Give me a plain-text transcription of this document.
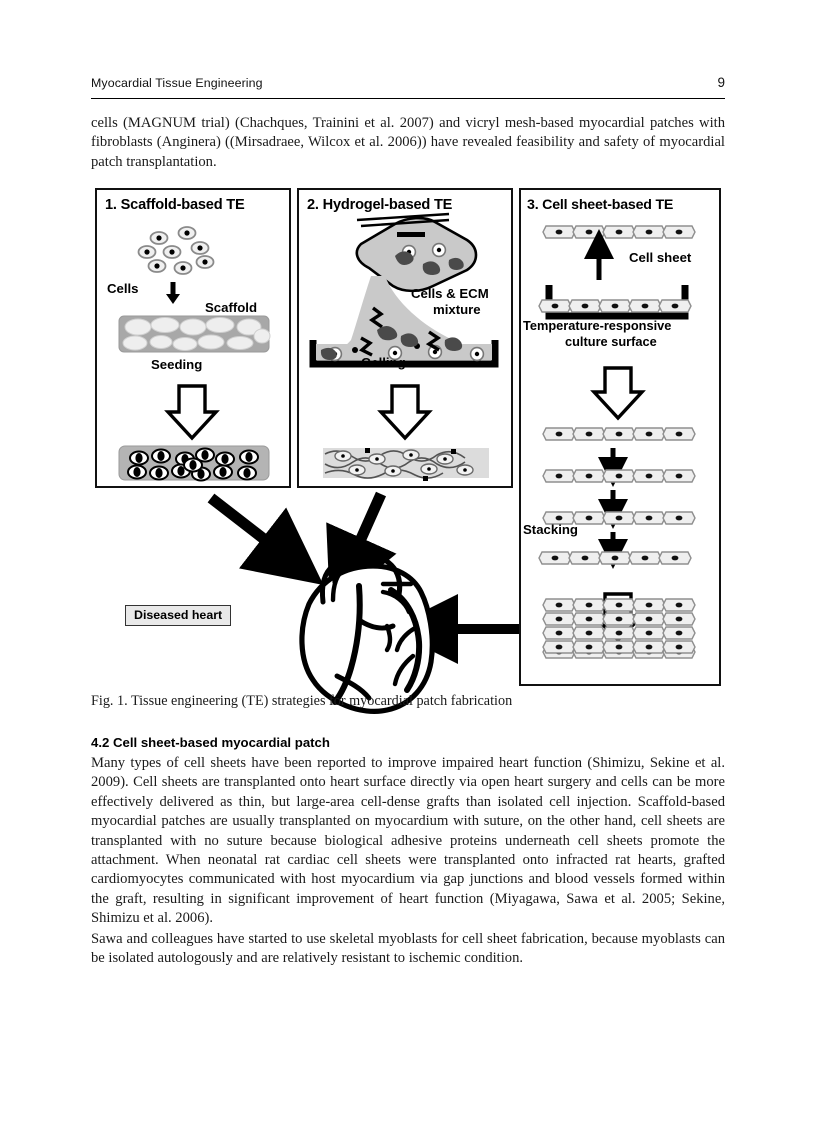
Myocardial Tissue Engineering	9
cells (MAGNUM trial) (Chachques, Trainini et al. 2007) and vicryl mesh-based myocardial patches with fibroblasts (Anginera) ((Mirsadraee, Wilcox et al. 2006)) have revealed feasibility and safety of myocardial patch transplantation.
Diseased heart
1. Scaffold-based TE
Cells
Scaffold
Seeding
2. Hydrogel-based TE
Cells & ECM
mixture
Gelling
3. Cell sheet-based TE
Cell sheet
Temperature-responsive
culture surface
Stacking
Fig. 1. Tissue engineering (TE) strategies for myocardial patch fabrication
4.2 Cell sheet-based myocardial patch
Many types of cell sheets have been reported to improve impaired heart function (Shimizu, Sekine et al. 2009). Cell sheets are transplanted onto heart surface directly via open heart surgery and cells can be more effectively delivered as thin, but large-area cell-dense grafts than isolated cell injection. Scaffold-based myocardial patches are usually transplanted on myocardium with suture, on the other hand, cell sheets are transplanted with no suture because biological adhesive proteins underneath cell sheets promote the attachment. When neonatal rat cardiac cell sheets were transplanted onto infracted rat hearts, grafted cardiomyocytes communicated with host myocardium via gap junctions and blood vessels formed within the graft, resulting in significant improvement of heart function (Miyagawa, Sawa et al. 2005; Sekine, Shimizu et al. 2006).
Sawa and colleagues have started to use skeletal myoblasts for cell sheet fabrication, because myoblasts can be isolated autologously and are relatively resistant to ischemic condition.
